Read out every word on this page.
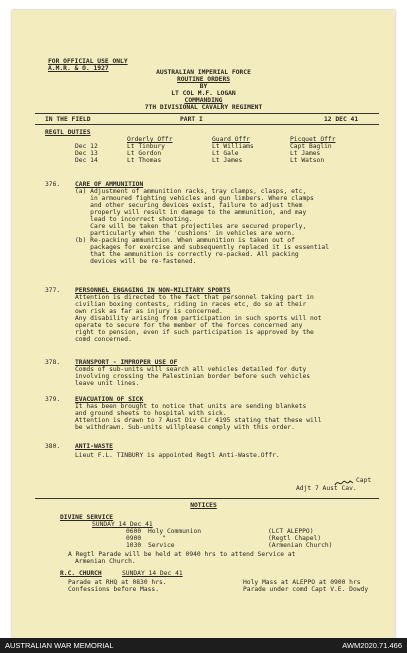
FOR OFFICIAL USE ONLY
A.M.R. & O. 1927
AUSTRALIAN IMPERIAL FORCE
ROUTINE ORDERS
BY
LT COL M.F. LOGAN
COMMANDING
7TH DIVISIONAL CAVALRY REGIMENT
IN THE FIELD	PART I	12 DEC 41
REGTL DUTIES
Orderly Offr	Guard Offr	Picquet Offr
Dec 12	Lt Tinbury	Lt Williams	Capt Baglin
Dec 13	Lt Gordon	Lt Gale	Lt James
Dec 14	Lt Thomas	Lt James	Lt Watson
376. CARE OF AMMUNITION
(a) Adjustment of ammunition racks, tray clamps, clasps, etc,
in armoured fighting vehicles and gun limbers. Where clamps
and other securing devices exist, failure to adjust them
properly will result in damage to the ammunition, and may
lead to incorrect shooting.
Care will be taken that projectiles are secured properly,
particularly when the 'cushions' in vehicles are worn.
(b) Re-packing ammunition. When ammunition is taken out of
packages for exercise and subsequently replaced it is essential
that the ammunition is correctly re-packed. All packing
devices will be re-fastened.
377. PERSONNEL ENGAGING IN NON-MILITARY SPORTS
Attention is directed to the fact that personnel taking part in
civilian boxing contests, riding in races etc, do so at their
own risk as far as injury is concerned.
Any disability arising from participation in such sports will not
operate to secure for the member of the forces concerned any
right to pension, even if such participation is approved by the
comd concerned.
378. TRANSPORT - IMPROPER USE OF
Comds of sub-units will search all vehicles detailed for duty
involving crossing the Palestinian border before such vehicles
leave unit lines.
379. EVACUATION OF SICK
It has been brought to notice that units are sending blankets
and ground sheets to hospital with sick.
Attention is drawn to 7 Aust Div Cir 4195 stating that these will
be withdrawn. Sub-units willplease comply with this order.
380. ANTI-WASTE
Lieut F.L. TINBURY is appointed Regtl Anti-Waste.Offr.
Capt
Adjt 7 Aust Cav.
NOTICES
DIVINE SERVICE
SUNDAY 14 Dec 41
0600 Holy Communion	(LCT ALEPPO)
0900	"	(Regtl Chapel)
1030 Service	(Armenian Church)
A Regtl Parade will be held at 0940 hrs to attend Service at
Armenian Church.
R.C. CHURCH	SUNDAY 14 Dec 41
Parade at RHQ at 0830 hrs.
Confessions before Mass.
Holy Mass at ALEPPO at 0900 hrs
Parade under comd Capt V.E. Dowdy
AUSTRALIAN WAR MEMORIAL	AWM2020.71.466
